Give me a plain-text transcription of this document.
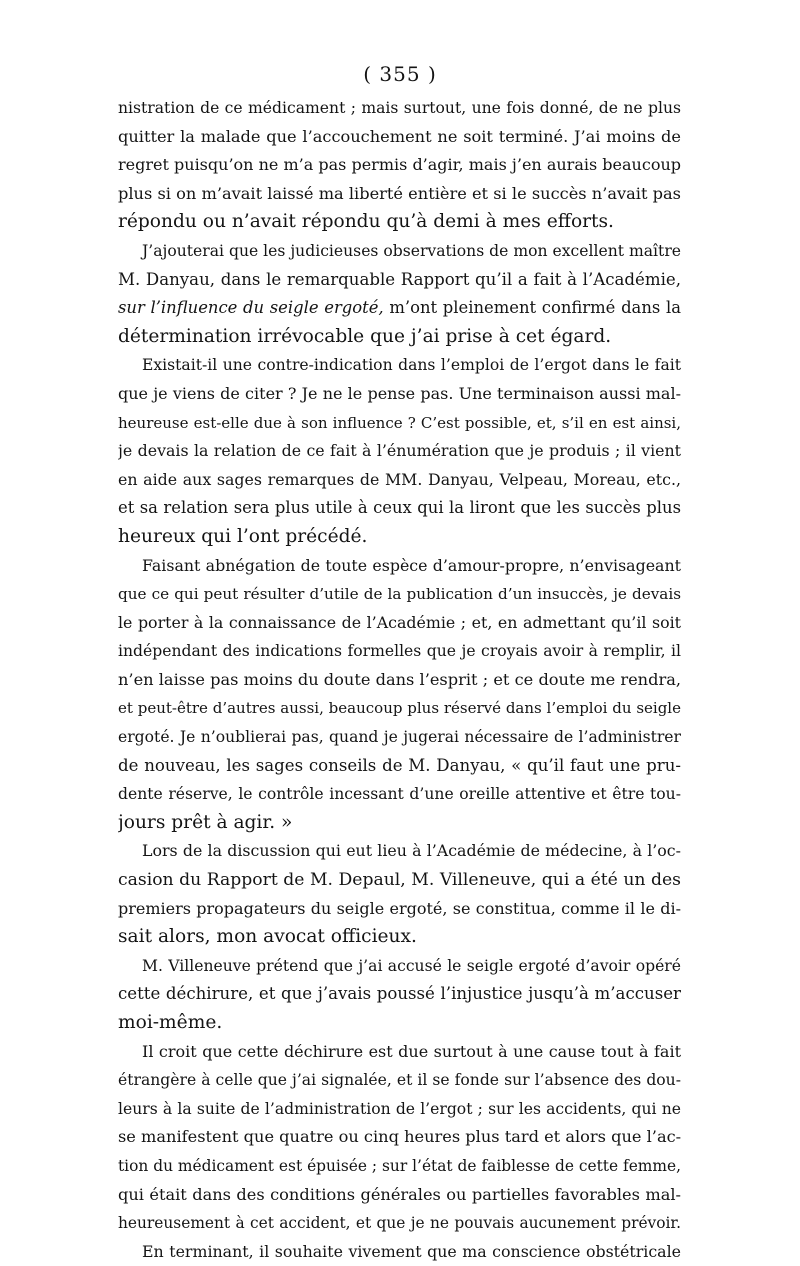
( 355 )
nistration de ce médicament ; mais surtout, une fois donné, de ne plus
quitter la malade que l’accouchement ne soit terminé. J’ai moins de
regret puisqu’on ne m’a pas permis d’agir, mais j’en aurais beaucoup
plus si on m’avait laissé ma liberté entière et si le succès n’avait pas
répondu ou n’avait répondu qu’à demi à mes efforts.
J’ajouterai que les judicieuses observations de mon excellent maître
M. Danyau, dans le remarquable Rapport qu’il a fait à l’Académie,
sur l’influence du seigle ergoté, m’ont pleinement confirmé dans la
détermination irrévocable que j’ai prise à cet égard.
Existait-il une contre-indication dans l’emploi de l’ergot dans le fait
que je viens de citer ? Je ne le pense pas. Une terminaison aussi mal-
heureuse est-elle due à son influence ? C’est possible, et, s’il en est ainsi,
je devais la relation de ce fait à l’énumération que je produis ; il vient
en aide aux sages remarques de MM. Danyau, Velpeau, Moreau, etc.,
et sa relation sera plus utile à ceux qui la liront que les succès plus
heureux qui l’ont précédé.
Faisant abnégation de toute espèce d’amour-propre, n’envisageant
que ce qui peut résulter d’utile de la publication d’un insuccès, je devais
le porter à la connaissance de l’Académie ; et, en admettant qu’il soit
indépendant des indications formelles que je croyais avoir à remplir, il
n’en laisse pas moins du doute dans l’esprit ; et ce doute me rendra,
et peut-être d’autres aussi, beaucoup plus réservé dans l’emploi du seigle
ergoté. Je n’oublierai pas, quand je jugerai nécessaire de l’administrer
de nouveau, les sages conseils de M. Danyau, « qu’il faut une pru-
dente réserve, le contrôle incessant d’une oreille attentive et être tou-
jours prêt à agir. »
Lors de la discussion qui eut lieu à l’Académie de médecine, à l’oc-
casion du Rapport de M. Depaul, M. Villeneuve, qui a été un des
premiers propagateurs du seigle ergoté, se constitua, comme il le di-
sait alors, mon avocat officieux.
M. Villeneuve prétend que j’ai accusé le seigle ergoté d’avoir opéré
cette déchirure, et que j’avais poussé l’injustice jusqu’à m’accuser
moi-même.
Il croit que cette déchirure est due surtout à une cause tout à fait
étrangère à celle que j’ai signalée, et il se fonde sur l’absence des dou-
leurs à la suite de l’administration de l’ergot ; sur les accidents, qui ne
se manifestent que quatre ou cinq heures plus tard et alors que l’ac-
tion du médicament est épuisée ; sur l’état de faiblesse de cette femme,
qui était dans des conditions générales ou partielles favorables mal-
heureusement à cet accident, et que je ne pouvais aucunement prévoir.
En terminant, il souhaite vivement que ma conscience obstétricale
